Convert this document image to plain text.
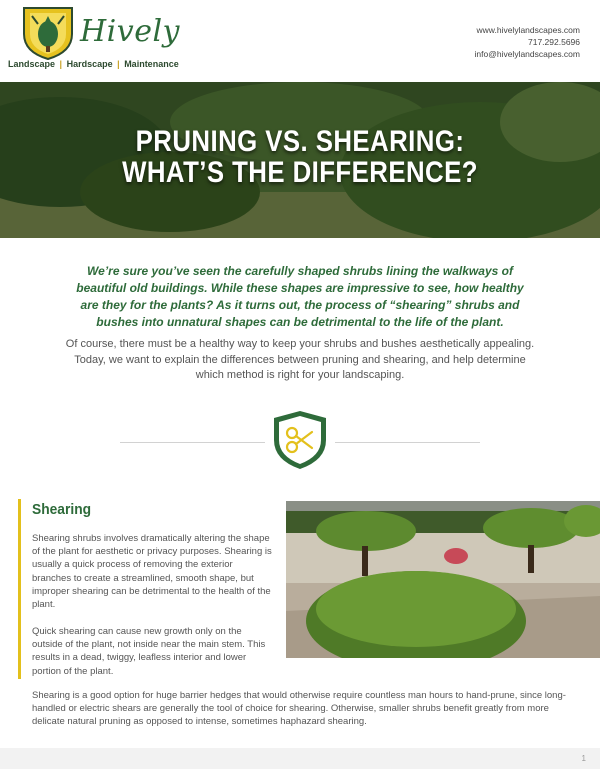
Hively
Landscape | Hardscape | Maintenance
www.hivelylandscapes.com
717.292.5696
info@hivelylandscapes.com
PRUNING VS. SHEARING:
WHAT’S THE DIFFERENCE?

We’re sure you’ve seen the carefully shaped shrubs lining the walkways of beautiful old buildings. While these shapes are impressive to see, how healthy are they for the plants? As it turns out, the process of “shearing” shrubs and bushes into unnatural shapes can be detrimental to the life of the plant.

Of course, there must be a healthy way to keep your shrubs and bushes aesthetically appealing. Today, we want to explain the differences between pruning and shearing, and help determine which method is right for your landscaping.

Shearing

Shearing shrubs involves dramatically altering the shape of the plant for aesthetic or privacy purposes. Shearing is usually a quick process of removing the exterior branches to create a streamlined, smooth shape, but improper shearing can be detrimental to the health of the plant.

Quick shearing can cause new growth only on the outside of the plant, not inside near the main stem. This results in a dead, twiggy, leafless interior and lower portion of the plant.

Shearing is a good option for huge barrier hedges that would otherwise require countless man hours to hand-prune, since long-handled or electric shears are generally the tool of choice for shearing. Otherwise, smaller shrubs benefit greatly from more delicate natural pruning as opposed to intense, sometimes haphazard shearing.

1
